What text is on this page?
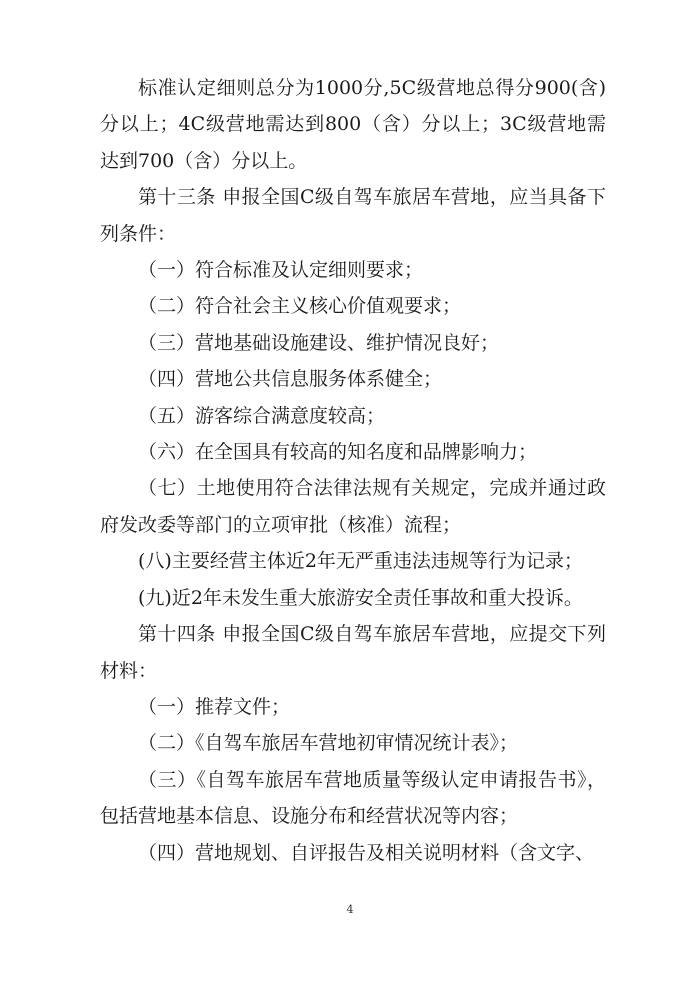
标准认定细则总分为1000分,5C级营地总得分900(含)分以上；4C级营地需达到800（含）分以上；3C级营地需达到700（含）分以上。

第十三条 申报全国C级自驾车旅居车营地，应当具备下列条件：

（一）符合标准及认定细则要求；

（二）符合社会主义核心价值观要求；

（三）营地基础设施建设、维护情况良好；

（四）营地公共信息服务体系健全；

（五）游客综合满意度较高；

（六）在全国具有较高的知名度和品牌影响力；

（七）土地使用符合法律法规有关规定，完成并通过政府发改委等部门的立项审批（核准）流程；

(八)主要经营主体近2年无严重违法违规等行为记录；

(九)近2年未发生重大旅游安全责任事故和重大投诉。

第十四条 申报全国C级自驾车旅居车营地，应提交下列材料：

（一）推荐文件；

（二）《自驾车旅居车营地初审情况统计表》；

（三）《自驾车旅居车营地质量等级认定申请报告书》，包括营地基本信息、设施分布和经营状况等内容；

（四）营地规划、自评报告及相关说明材料（含文字、

4
